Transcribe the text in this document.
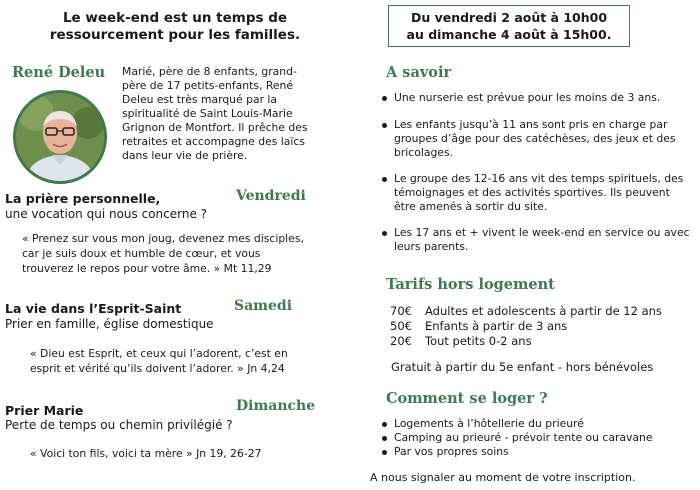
Le week-end est un temps de
ressourcement pour les familles.
René Deleu Marié, père de 8 enfants, grand-
père de 17 petits-enfants, René
Deleu est très marqué par la
spiritualité de Saint Louis-Marie
Grignon de Montfort. Il prêche des
retraites et accompagne des laïcs
dans leur vie de prière.
La prière personnelle,	Vendredi
une vocation qui nous concerne ?
« Prenez sur vous mon joug, devenez mes disciples,
car je suis doux et humble de cœur, et vous
trouverez le repos pour votre âme. » Mt 11,29
La vie dans l’Esprit-Saint	Samedi
Prier en famille, église domestique
« Dieu est Esprit, et ceux qui l’adorent, c’est en
esprit et vérité qu’ils doivent l’adorer. » Jn 4,24
Prier Marie	Dimanche
Perte de temps ou chemin privilégié ?
« Voici ton fils, voici ta mère » Jn 19, 26-27
Du vendredi 2 août à 10h00
au dimanche 4 août à 15h00.
A savoir
Une nurserie est prévue pour les moins de 3 ans.
Les enfants jusqu’à 11 ans sont pris en charge par
groupes d’âge pour des catéchèses, des jeux et des
bricolages.
Le groupe des 12-16 ans vit des temps spirituels, des
témoignages et des activités sportives. Ils peuvent
être amenés à sortir du site.
Les 17 ans et + vivent le week-end en service ou avec
leurs parents.
Tarifs hors logement
70€ Adultes et adolescents à partir de 12 ans
50€ Enfants à partir de 3 ans
20€ Tout petits 0-2 ans
Gratuit à partir du 5e enfant - hors bénévoles
Comment se loger ?
Logements à l’hôtellerie du prieuré
Camping au prieuré - prévoir tente ou caravane
Par vos propres soins
A nous signaler au moment de votre inscription.
